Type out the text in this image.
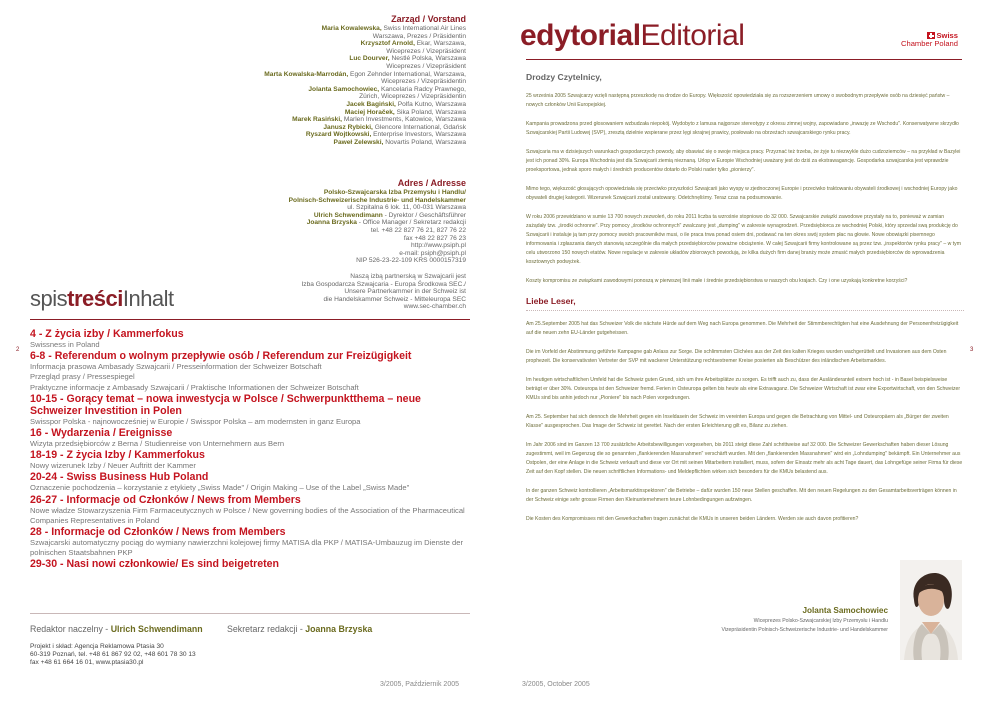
Zarząd / Vorstand
Maria Kowalewska, Swiss International Air Lines
Warszawa, Prezes / Präsidentin
Krzysztof Arnold, Ekar, Warszawa,
Wiceprezes / Vizepräsident
Luc Dourver, Nestlé Polska, Warszawa
Wiceprezes / Vizepräsident
Marta Kowalska-Marrodán, Egon Zehnder International, Warszawa,
Wiceprezes / Vizepräsidentin
Jolanta Samochowiec, Kancelaria Radcy Prawnego,
Zürich, Wiceprezes / Vizepräsidentin
Jacek Bagiński, Polfa Kutno, Warszawa
Maciej Horaček, Sika Poland, Warszawa
Marek Rasiński, Marlen Investments, Katowice, Warszawa
Janusz Rybicki, Glencore International, Gdańsk
Ryszard Wojtkowski, Enterprise Investors, Warszawa
Paweł Zelewski, Novartis Poland, Warszawa
Adres / Adresse
Polsko-Szwajcarska Izba Przemysłu i Handlu/
Polnisch-Schweizerische Industrie- und Handelskammer
ul. Szpitalna 6 lok. 11, 00-031 Warszawa
Ulrich Schwendimann - Dyrektor / Geschäftsführer
Joanna Brzyska - Office Manager / Sekretarz redakcji
tel. +48 22 827 76 21, 827 76 22
fax +48 22 827 76 23
http://www.psiph.pl
e-mail: psiph@psiph.pl
NIP 526-23-22-109 KRS 0000157319
Naszą izbą partnerską w Szwajcarii jest
Izba Gospodarcza Szwajcaria - Europa Środkowa SEC./
Unsere Partnerkammer in der Schweiz ist
die Handelskammer Schweiz - Mitteleuropa SEC
www.sec-chamber.ch
spistreściInhalt
2
4 - Z życia izby / Kammerfokus
Swissness in Poland
6-8 - Referendum o wolnym przepływie osób / Referendum zur Freizügigkeit
Informacja prasowa Ambasady Szwajcarii / Presseinformation der Schweizer Botschaft
Przegląd prasy / Pressespiegel
Praktyczne informacje z Ambasady Szwajcarii / Praktische Informationen der Schweizer Botschaft
10-15 - Gorący temat – nowa inwestycja w Polsce / Schwerpunktthema – neue Schweizer Investition in Polen
Swisspor Polska - najnowocześniej w Europie / Swisspor Polska – am modernsten in ganz Europa
16 - Wydarzenia / Ereignisse
Wizyta przedsiębiorców z Berna / Studienreise von Unternehmern aus Bern
18-19 - Z życia Izby / Kammerfokus
Nowy wizerunek Izby / Neuer Auftritt der Kammer
20-24 - Swiss Business Hub Poland
Oznaczenie pochodzenia – korzystanie z etykiety „Swiss Made" / Origin Making – Use of the Label „Swiss Made"
26-27 - Informacje od Członków / News from Members
Nowe władze Stowarzyszenia Firm Farmaceutycznych w Polsce / New governing bodies of the Association of the Pharmaceutical Companies Representatives in Poland
28 - Informacje od Członków / News from Members
Szwajcarski automatyczny pociąg do wymiany nawierzchni kolejowej firmy MATISA dla PKP / MATISA-Umbauzug im Dienste der polnischen Staatsbahnen PKP
29-30 - Nasi nowi członkowie/ Es sind beigetreten
Redaktor naczelny - Ulrich Schwendimann	Sekretarz redakcji - Joanna Brzyska
Projekt i skład: Agencja Reklamowa Ptasia 30
60-319 Poznań, tel. +48 61 867 92 02, +48 601 78 30 13
fax +48 61 664 16 01, www.ptasia30.pl
3/2005, Październik 2005
edytorialEditorial	Swiss
Chamber Poland
3
Drodzy Czytelnicy,
25 września 2005 Szwajcarzy wzięli następną przeszkodę na drodze do Europy. Większość opowiedziała się za rozszerzeniem umowy o swobodnym przepływie osób na dziesięć państw – nowych członków Unii Europejskiej.
Kampania prowadzona przed głosowaniem wzbudzała niepokój. Wydobyto z lamusa najgorsze stereotypy z okresu zimnej wojny, zapowiadano „inwazję ze Wschodu". Konserwatywne skrzydło Szwajcarskiej Partii Ludowej (SVP), zresztą dzielnie wspierane przez lęgi skrajnej prawicy, posłowało na obrzeżach szwajcarskiego rynku pracy.
Szwajcaria ma w dzisiejszych warunkach gospodarczych powody, aby obawiać się o swoje miejsca pracy. Przyznać też trzeba, że żyje tu niezwykle dużo cudzoziemców – na przykład w Bazylei jest ich ponad 30%. Europa Wschodnia jest dla Szwajcarii ziemią nieznaną. Urlop w Europie Wschodniej uważany jest do dziś za ekstrawagancję. Gospodarka szwajcarska jest wprawdzie proeksportowa, jednak sporo małych i średnich producentów dotarło do Polski nader tylko „pionierzy".
Mimo tego, większość głosujących opowiedziała się przeciwko przyszłości Szwajcarii jako wyspy w zjednoczonej Europie i przeciwko traktowaniu obywateli środkowej i wschodniej Europy jako obywateli drugiej kategorii. Wizerunek Szwajcarii został uratowany. Odetchnęliśmy. Teraz czas na podsumowanie.
W roku 2006 przewidziano w sumie 13 700 nowych zezwoleń, do roku 2011 liczba ta wzrośnie stopniowo do 32 000. Szwajcarskie związki zawodowe przystały na to, ponieważ w zamian zażądały tzw. „środki ochronne". Przy pomocy „środków ochronnych" zwalczany jest „dumping" w zakresie wynagrodzeń. Przedsiębiorca ze wschodniej Polski, który sprzedał swą produkcję do Szwajcarii i instaluje ją tam przy pomocy swoich pracowników musi, o ile praca trwa ponad osiem dni, podawać na ten okres swój system płac na głowie. Nowe obowiązki pisemnego informowania i zgłaszania danych stanowią szczególnie dla małych przedsiębiorców poważne obciążenie. W całej Szwajcarii firmy kontrolowane są przez tzw. „inspektorów rynku pracy" – w tym celu utworzono 150 nowych etatów. Nowe regulacje w zakresie układów zbiorowych powodują, że kilka dużych firm danej branży może zmusić małych przedsiębiorców do wprowadzenia kosztownych podwyżek.
Koszty kompromisu ze związkami zawodowymi ponoszą w pierwszej linii małe i średnie przedsiębiorstwa w naszych obu krajach. Czy i one uzyskają konkretne korzyści?
Liebe Leser,
Am 25.September 2005 hat das Schweizer Volk die nächste Hürde auf dem Weg nach Europa genommen. Die Mehrheit der Stimmberechtigten hat eine Ausdehnung der Personenfreizügigkeit auf die neuen zehn EU-Länder gutgeheissen.
Die im Vorfeld der Abstimmung geführte Kampagne gab Anlass zur Sorge. Die schlimmsten Clichées aus der Zeit des kalten Krieges wurden wachgerüttelt und Invasionen aus dem Osten prophezeit. Die konservativsten Vertreter der SVP mit wackerer Unterstützung rechtsextremer Kreise posierten als Beschützer des inländischen Arbeitsmarktes.
Im heutigen wirtschaftlichen Umfeld hat die Schweiz guten Grund, sich um ihre Arbeitsplätze zu sorgen. Es trifft auch zu, dass der Ausländeranteil extrem hoch ist - in Basel beispielsweise beträgt er über 30%. Osteuropa ist den Schweizer fremd. Ferien in Osteuropa gelten bis heute als eine Extravaganz. Die Schweizer Wirtschaft ist zwar eine Exportwirtschaft, von den Schweizer KMUs sind bis anhin jedoch nur „Pioniere" bis nach Polen vorgedrungen.
Am 25. September hat sich dennoch die Mehrheit gegen ein Inseldasein der Schweiz im vereinten Europa und gegen die Betrachtung von Mittel- und Osteuropäern als „Bürger der zweiten Klasse" ausgesprochen. Das Image der Schweiz ist gerettet. Nach der ersten Erleichterung gilt es, Bilanz zu ziehen.
Im Jahr 2006 sind im Ganzen 13 700 zusätzliche Arbeitsbewilligungen vorgesehen, bis 2011 steigt diese Zahl schrittweise auf 32 000. Die Schweizer Gewerkschaften haben dieser Lösung zugestimmt, weil im Gegenzug die so genannten „flankierenden Massnahmen" verschärft wurden. Mit den „flankierenden Massnahmen" wird ein „Lohndumping" bekämpft. Ein Unternehmer aus Ostpolen, der eine Anlage in die Schweiz verkauft und diese vor Ort mit seinen Mitarbeitern installiert, muss, sofern der Einsatz mehr als acht Tage dauert, das Lohngefüge seiner Firma für diese Zeit auf den Kopf stellen. Die neuen schriftlichen Informations- und Meldepflichten wirken sich besonders für die KMUs belastend aus.
In der ganzen Schweiz kontrollieren „Arbeitsmarktinspektoren" die Betriebe – dafür wurden 150 neue Stellen geschaffen. Mit den neuen Regelungen zu den Gesamtarbeitsverträgen können in der Schweiz einige sehr grosse Firmen den Kleinunternehmern teure Lohnbedingungen aufzwingen.
Die Kosten des Kompromisses mit den Gewerkschaften tragen zunächst die KMUs in unseren beiden Ländern. Werden sie auch davon profitieren?
Jolanta Samochowiec
Wiceprezes Polsko-Szwajcarskiej Izby Przemysłu i Handlu
Vizepräsidentin Polnisch-Schweizerische Industrie- und Handelskammer
3/2005, October 2005
